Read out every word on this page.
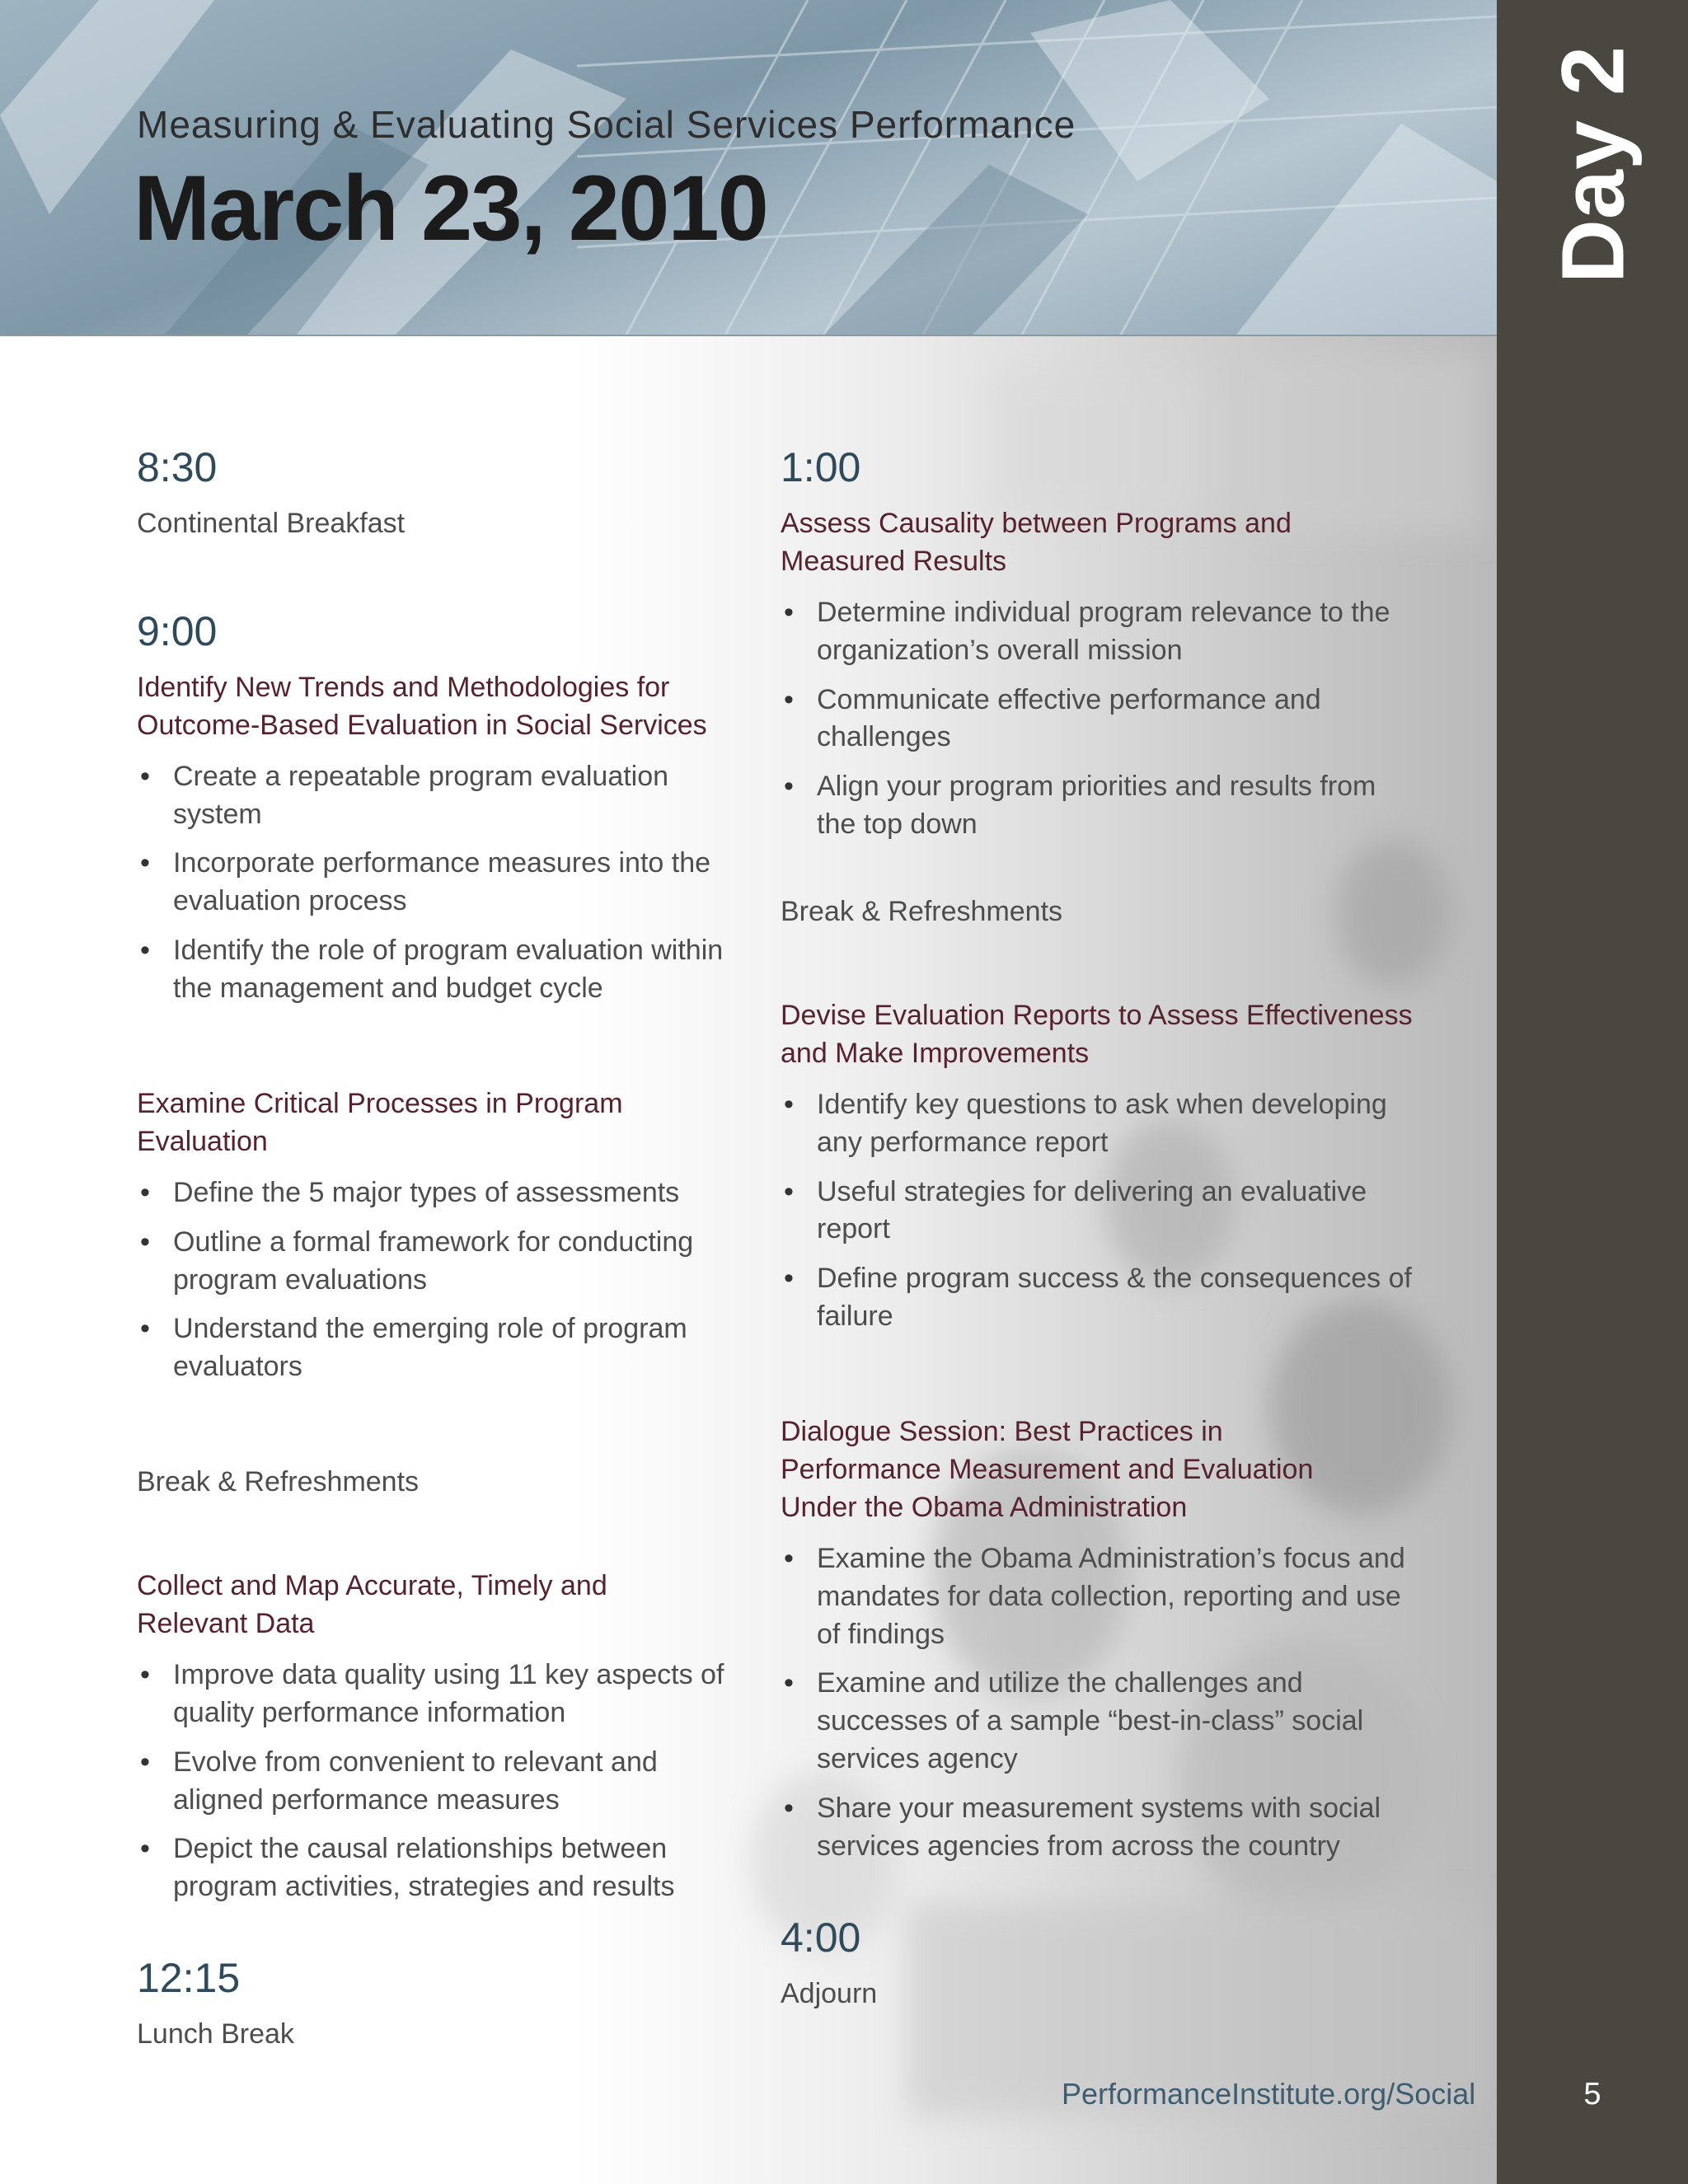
Measuring & Evaluating Social Services Performance
March 23, 2010	Day 2
5
8:30

Continental Breakfast

9:00
Identify New Trends and Methodologies for
Outcome-Based Evaluation in Social Services
• Create a repeatable program evaluation system
• Incorporate performance measures into the evaluation process
• Identify the role of program evaluation within the management and budget cycle
Examine Critical Processes in Program Evaluation
• Define the 5 major types of assessments
• Outline a formal framework for conducting program evaluations
• Understand the emerging role of program evaluators

Break & Refreshments

Collect and Map Accurate, Timely and
Relevant Data
• Improve data quality using 11 key aspects of quality performance information
• Evolve from convenient to relevant and aligned performance measures
• Depict the causal relationships between program activities, strategies and results
12:15

Lunch Break

1:00
Assess Causality between Programs and
Measured Results
• Determine individual program relevance to the organization’s overall mission
• Communicate effective performance and challenges
• Align your program priorities and results from the top down

Break & Refreshments

Devise Evaluation Reports to Assess Effectiveness
and Make Improvements
• Identify key questions to ask when developing any performance report
• Useful strategies for delivering an evaluative report
• Define program success & the consequences of failure
Dialogue Session: Best Practices in
Performance Measurement and Evaluation
Under the Obama Administration
• Examine the Obama Administration’s focus and mandates for data collection, reporting and use of findings
• Examine and utilize the challenges and successes of a sample “best-in-class” social services agency
• Share your measurement systems with social services agencies from across the country
4:00

Adjourn

PerformanceInstitute.org/Social
